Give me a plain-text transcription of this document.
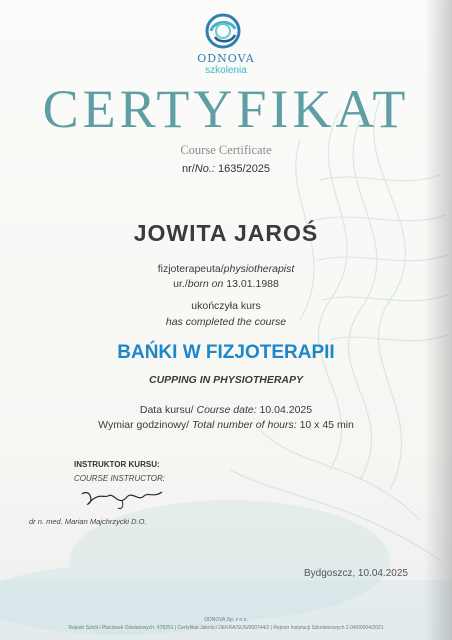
ODNOVA
szkolenia
CERTYFIKAT
Course Certificate
nr/No.: 1635/2025
JOWITA JAROŚ
fizjoterapeuta/physiotherapist
ur./born on 13.01.1988
ukończyła kurs
has completed the course
BAŃKI W FIZJOTERAPII
CUPPING IN PHYSIOTHERAPY
Data kursu/ Course date: 10.04.2025
Wymiar godzinowy/ Total number of hours: 10 x 45 min
INSTRUKTOR KURSU:
COURSE INSTRUCTOR:
dr n. med. Marian Majchrzycki D.O.
Bydgoszcz, 10.04.2025
ODNOVA Sp. z o.o.
Rejestr Szkół i Placówek Oświatowych: 478251 | Certyfikat Jakości DEKRA/SUS/000744/2 | Rejestr Instytucji Szkoleniowych 2.04/00004/2021
